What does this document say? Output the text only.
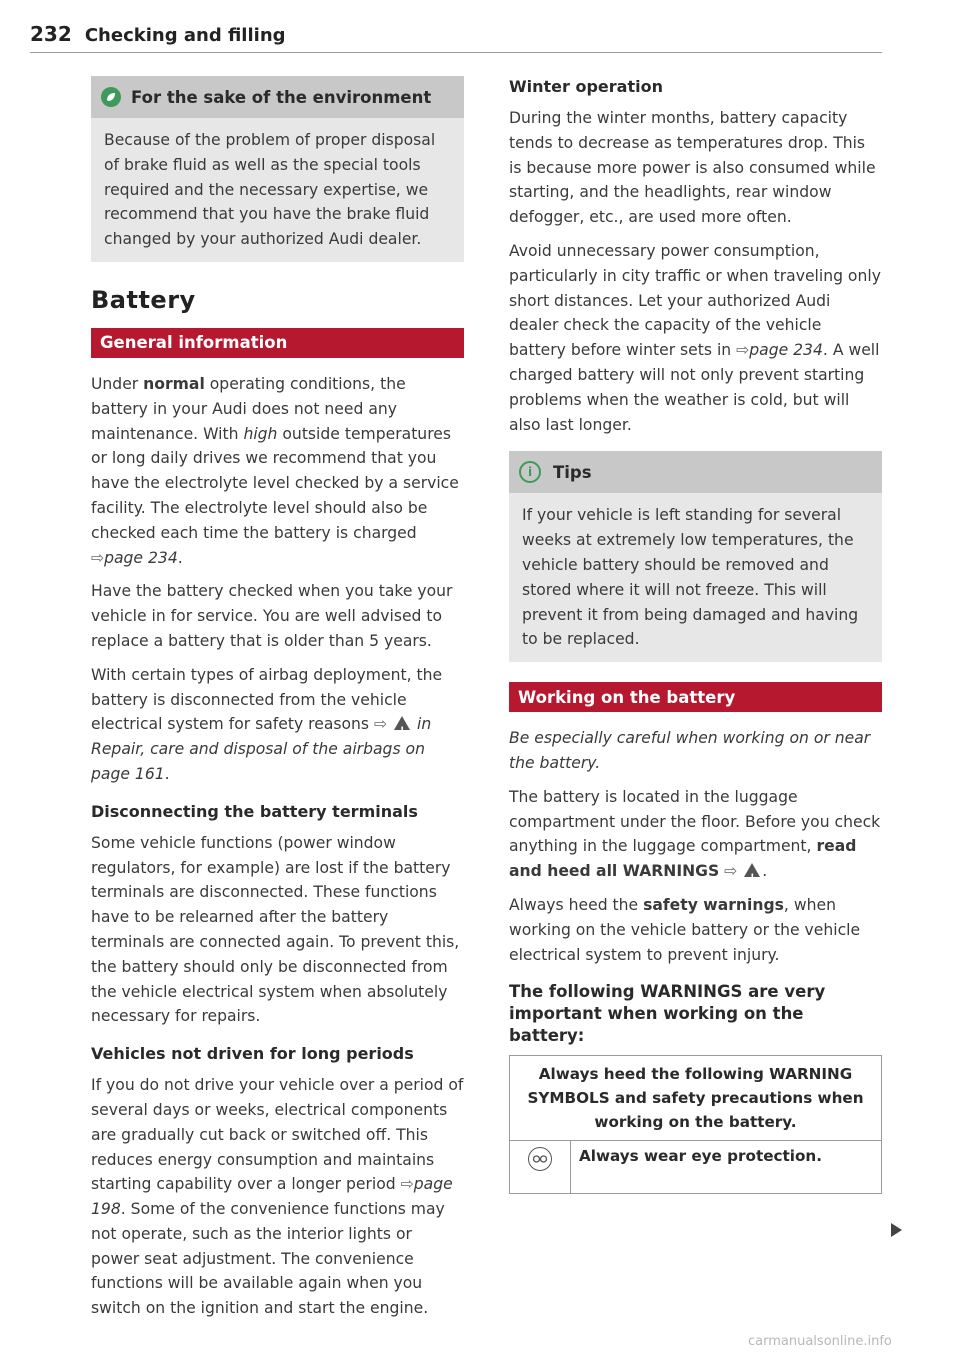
232 Checking and filling
For the sake of the environment

Because of the problem of proper disposal of brake fluid as well as the special tools required and the necessary expertise, we recommend that you have the brake fluid changed by your authorized Audi dealer.

Battery
General information

Under normal operating conditions, the battery in your Audi does not need any maintenance. With high outside temperatures or long daily drives we recommend that you have the electrolyte level checked by a service facility. The electrolyte level should also be checked each time the battery is charged ⇨page 234.

Have the battery checked when you take your vehicle in for service. You are well advised to replace a battery that is older than 5 years.

With certain types of airbag deployment, the battery is disconnected from the vehicle electrical system for safety reasons ⇨ ! in Repair, care and disposal of the airbags on page 161.

Disconnecting the battery terminals

Some vehicle functions (power window regulators, for example) are lost if the battery terminals are disconnected. These functions have to be relearned after the battery terminals are connected again. To prevent this, the battery should only be disconnected from the vehicle electrical system when absolutely necessary for repairs.

Vehicles not driven for long periods

If you do not drive your vehicle over a period of several days or weeks, electrical components are gradually cut back or switched off. This reduces energy consumption and maintains starting capability over a longer period ⇨page 198. Some of the convenience functions may not operate, such as the interior lights or power seat adjustment. The convenience functions will be available again when you switch on the ignition and start the engine.

Winter operation

During the winter months, battery capacity tends to decrease as temperatures drop. This is because more power is also consumed while starting, and the headlights, rear window defogger, etc., are used more often.

Avoid unnecessary power consumption, particularly in city traffic or when traveling only short distances. Let your authorized Audi dealer check the capacity of the vehicle battery before winter sets in ⇨page 234. A well charged battery will not only prevent starting problems when the weather is cold, but will also last longer.

i	Tips

If your vehicle is left standing for several weeks at extremely low temperatures, the vehicle battery should be removed and stored where it will not freeze. This will prevent it from being damaged and having to be replaced.

Working on the battery

Be especially careful when working on or near the battery.

The battery is located in the luggage compartment under the floor. Before you check anything in the luggage compartment, read and heed all WARNINGS ⇨ ! .

Always heed the safety warnings, when working on the vehicle battery or the vehicle electrical system to prevent injury.

The following WARNINGS are very important when working on the battery:
Always heed the following WARNING SYMBOLS and safety precautions when working on the battery.

	Always wear eye protection.
carmanualsonline.info
